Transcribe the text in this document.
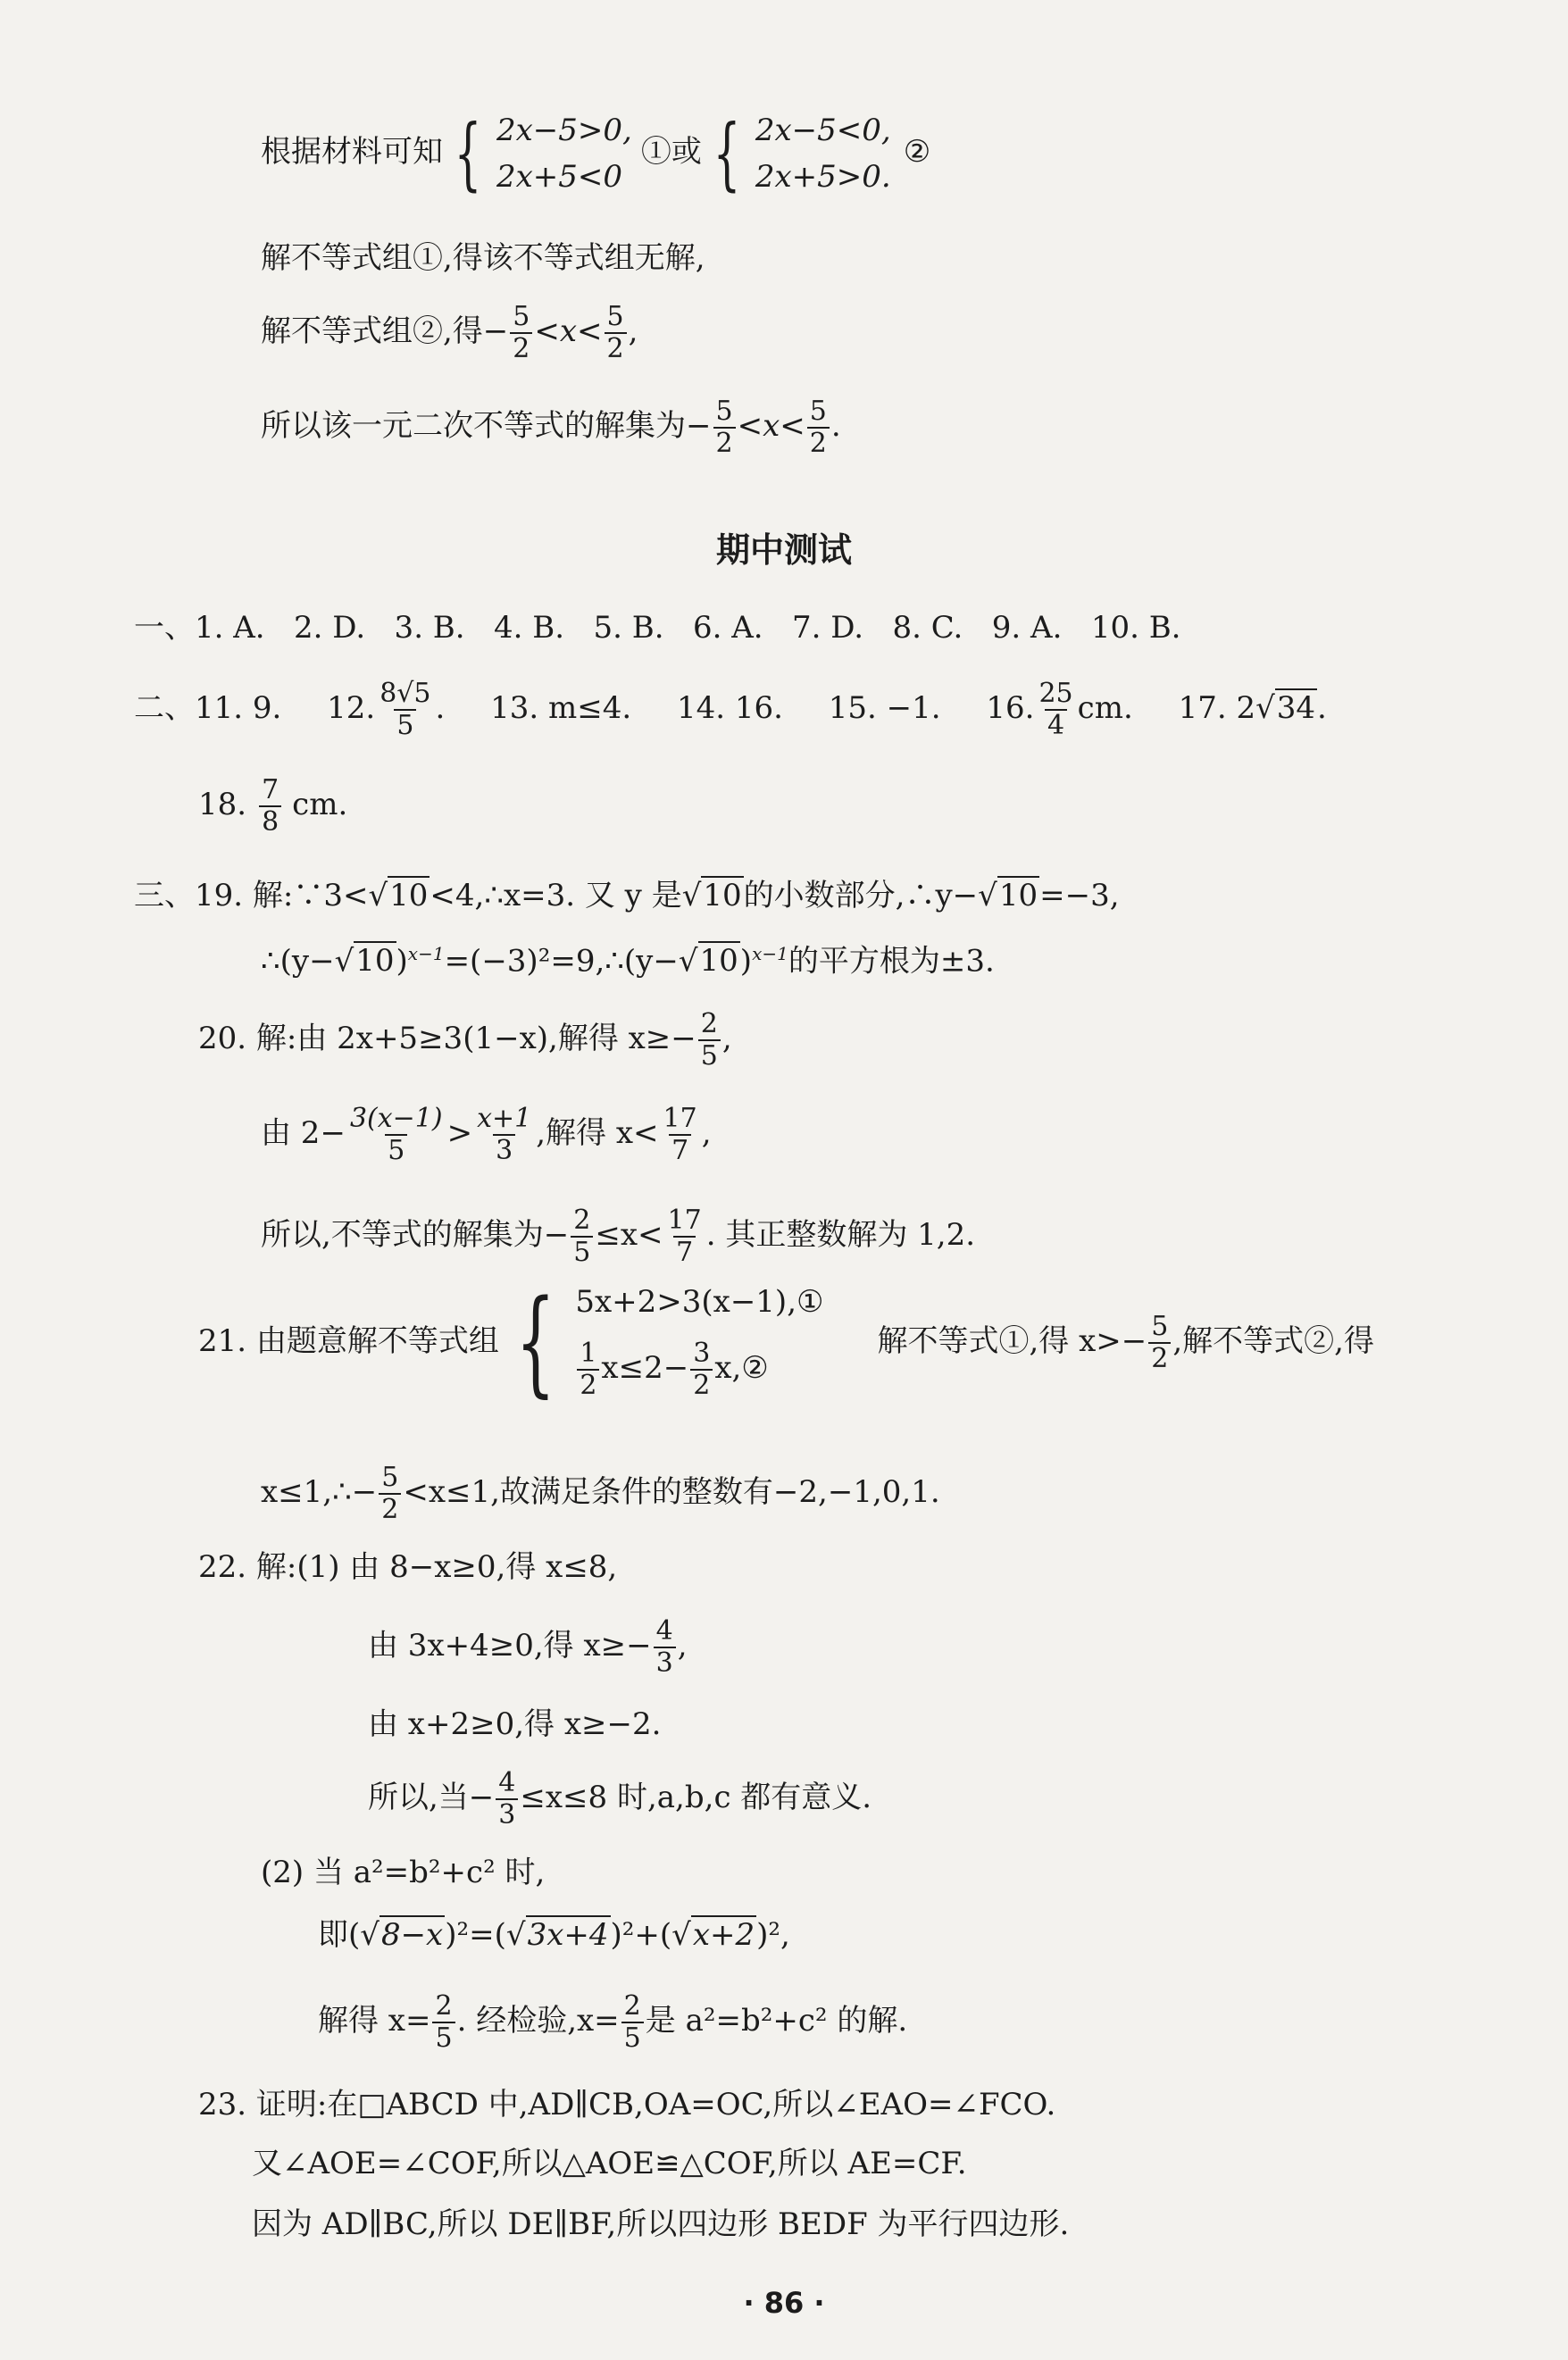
根据材料可知 { 2x−5>0,
2x+5<0
①或 { 2x−5<0,
2x+5>0.
②
解不等式组①,得该不等式组无解,
解不等式组②,得− $\frac{5}{2} <x< \frac{5}{2}$ ,
所以该一元二次不等式的解集为− $\frac{5}{2} <x< \frac{5}{2}$ .
期中测试
一、1. A.   2. D.   3. B.   4. B.   5. B.   6. A.   7. D.   8. C.   9. A.   10. B.
二、11. 9. 12. $\frac{8√5}{5}$ . 13. m≤4. 14. 16. 15. −1. 16. $\frac{25}{4}$ cm. 17. 2√34.
18. $\frac{7}{8}$ cm.
三、19. 解:∵3<√10<4,∴x=3. 又 y 是√10的小数部分,∴y−√10=−3,
$\therefore(y-√10)^{x-1}=(-3)^2=9,\therefore(y-√10)^{x-1}$的平方根为±3.
20. 解:由 2x+5≥3(1−x),解得 $x\ge- \frac{2}{5}$ ,
由 $2- \frac{3(x-1)}{5} > \frac{x+1}{3}$ ,解得 $x< \frac{17}{7}$ ,
所以,不等式的解集为− $\frac{2}{5} \le x< \frac{17}{7}$ . 其正整数解为 1,2.
21. 由题意解不等式组 { 5x+2>3(x−1),①
$\frac{1}{2} x\le 2- \frac{3}{2}$ x,②
解不等式①,得 $x>- \frac{5}{2}$ ,解不等式②,得
x≤1,∴− $\frac{5}{2} <x\le 1$,故满足条件的整数有−2,−1,0,1.
22. 解:(1) 由 8−x≥0,得 x≤8,
由 3x+4≥0,得 $x\ge- \frac{4}{3}$ ,
由 x+2≥0,得 x≥−2.
所以,当− $\frac{4}{3} \le x\le 8$ 时,a,b,c 都有意义.
(2) 当 a²=b²+c² 时,
即(√8−x)²=(√3x+4)²+(√x+2)²,
解得 $x= \frac{2}{5}$ . 经检验$,x= \frac{2}{5}$ 是 a²=b²+c² 的解.
23. 证明:在□ABCD 中,AD∥CB,OA=OC,所以∠EAO=∠FCO.
又∠AOE=∠COF,所以△AOE≌△COF,所以 AE=CF.
因为 AD∥BC,所以 DE∥BF,所以四边形 BEDF 为平行四边形.
· 86 ·
